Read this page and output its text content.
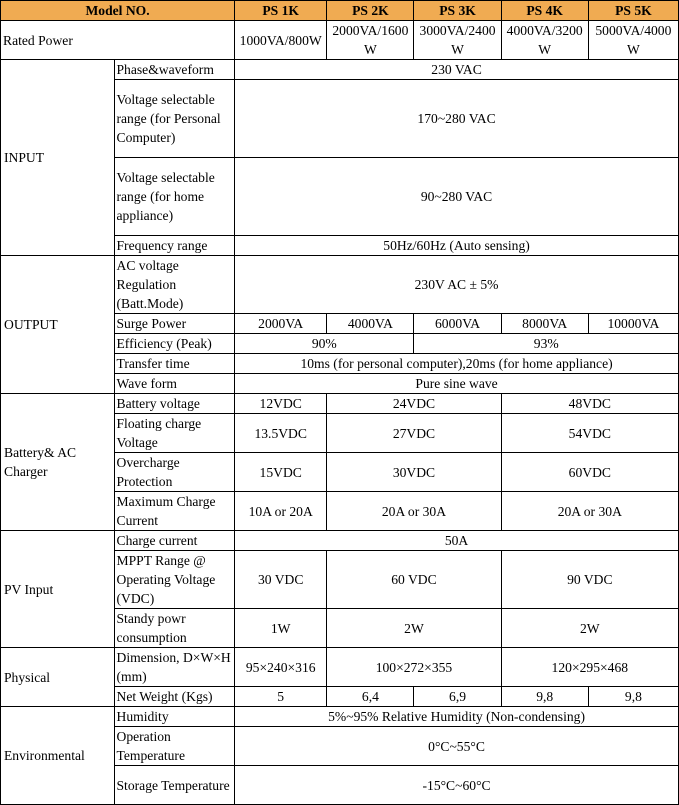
Model NO.		PS 1K	PS 2K	PS 3K	PS 4K	PS 5K
Rated Power		1000VA/800W	2000VA/1600W	3000VA/2400W	4000VA/3200W	5000VA/4000W
INPUT	Phase&waveform	230 VAC				
	Voltage selectable range (for Personal Computer)	170~280 VAC				
	Voltage selectable range (for home appliance)	90~280 VAC				
	Frequency range	50Hz/60Hz (Auto sensing)				
OUTPUT	AC voltage Regulation (Batt.Mode)	230V AC ± 5%				
	Surge Power	2000VA	4000VA	6000VA	8000VA	10000VA
	Efficiency (Peak)	90%		93%		
	Transfer time	10ms (for personal computer),20ms (for home appliance)				
	Wave form	Pure sine wave				
Battery& AC Charger	Battery voltage	12VDC	24VDC		48VDC	
	Floating charge Voltage	13.5VDC	27VDC		54VDC	
	Overcharge Protection	15VDC	30VDC		60VDC	
	Maximum Charge Current	10A or 20A	20A or 30A		20A or 30A	
PV Input	Charge current	50A				
	MPPT Range @ Operating Voltage (VDC)	30 VDC	60 VDC		90 VDC	
	Standy powr consumption	1W	2W		2W	
Physical	Dimension, D×W×H (mm)	95×240×316	100×272×355		120×295×468	
	Net Weight (Kgs)	5	6,4	6,9	9,8	9,8
Environmental	Humidity	5%~95% Relative Humidity (Non-condensing)				
	Operation Temperature	0°C~55°C				
	Storage Temperature	-15°C~60°C				
